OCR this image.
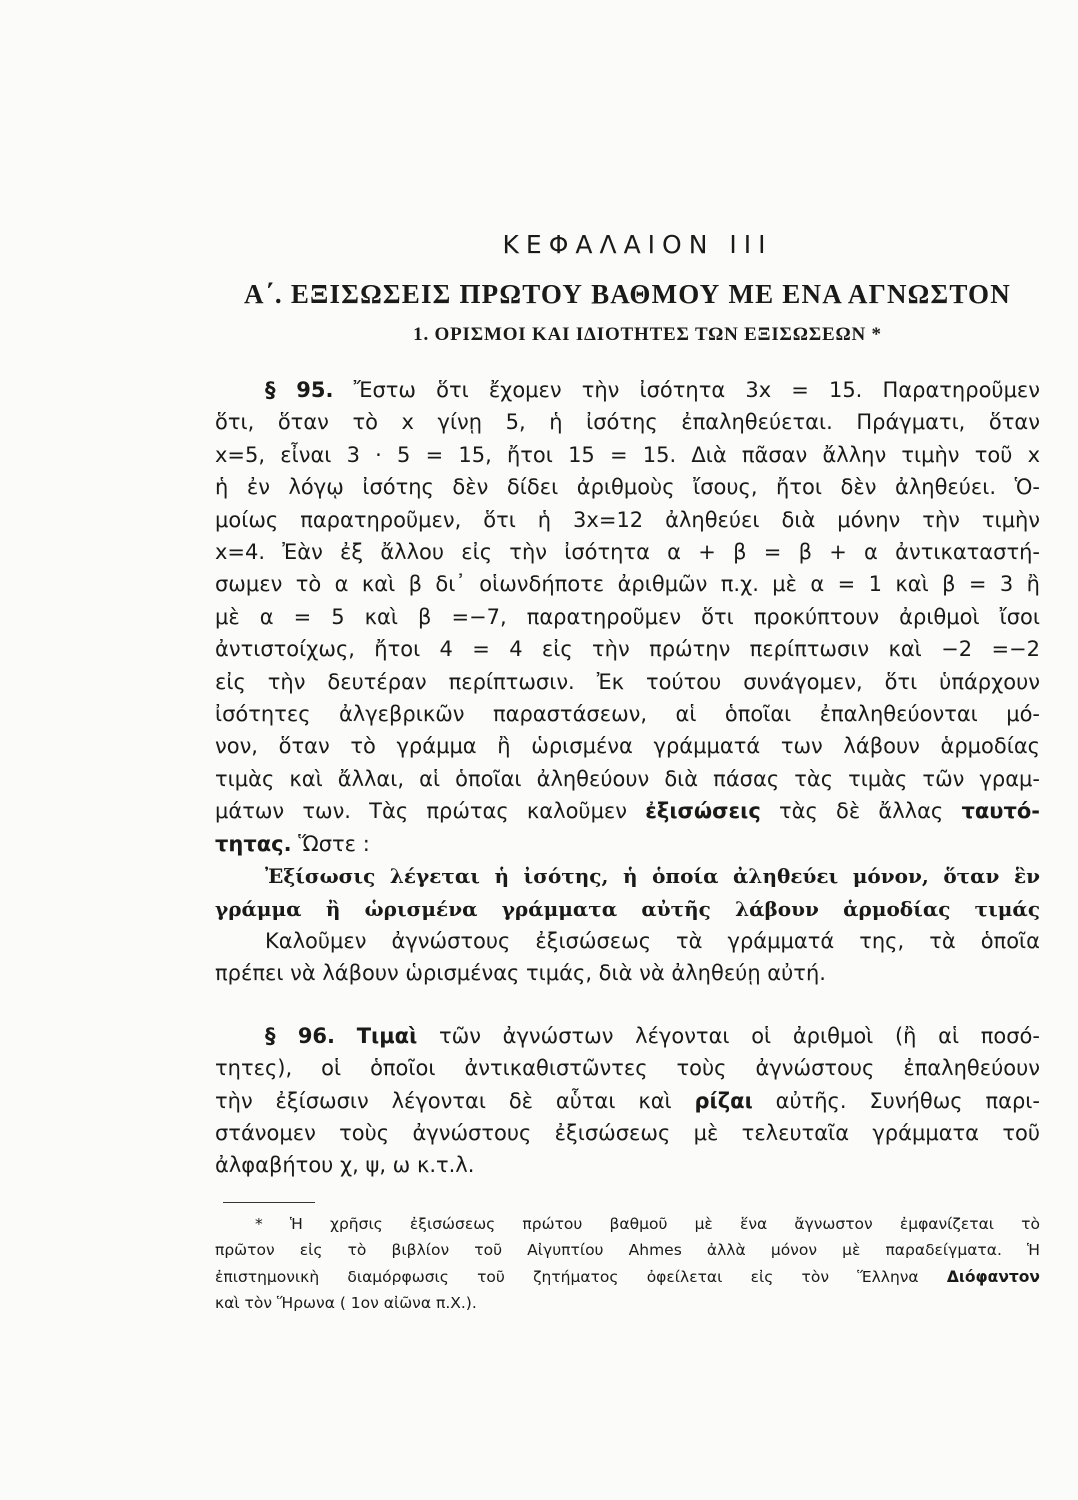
ΚΕΦΑΛΑΙΟΝ III
Α΄. ΕΞΙΣΩΣΕΙΣ ΠΡΩΤΟΥ ΒΑΘΜΟΥ ΜΕ ΕΝΑ ΑΓΝΩΣΤΟΝ
1. ΟΡΙΣΜΟΙ ΚΑΙ ΙΔΙΟΤΗΤΕΣ ΤΩΝ ΕΞΙΣΩΣΕΩΝ *
§ 95. Ἔστω ὅτι ἔχομεν τὴν ἰσότητα 3x = 15. Παρατηροῦμεν
ὅτι, ὅταν τὸ x γίνῃ 5, ἡ ἰσότης ἐπαληθεύεται. Πράγματι, ὅταν
x=5, εἶναι 3 · 5 = 15, ἤτοι 15 = 15. Διὰ πᾶσαν ἄλλην τιμὴν τοῦ x
ἡ ἐν λόγῳ ἰσότης δὲν δίδει ἀριθμοὺς ἴσους, ἤτοι δὲν ἀληθεύει. Ὁ-
μοίως παρατηροῦμεν, ὅτι ἡ 3x=12 ἀληθεύει διὰ μόνην τὴν τιμὴν
x=4. Ἐὰν ἐξ ἄλλου εἰς τὴν ἰσότητα α + β = β + α ἀντικαταστή-
σωμεν τὸ α καὶ β δι᾽ οἱωνδήποτε ἀριθμῶν π.χ. μὲ α = 1 καὶ β = 3 ἢ
μὲ α = 5 καὶ β =−7, παρατηροῦμεν ὅτι προκύπτουν ἀριθμοὶ ἴσοι
ἀντιστοίχως, ἤτοι 4 = 4 εἰς τὴν πρώτην περίπτωσιν καὶ −2 =−2
εἰς τὴν δευτέραν περίπτωσιν. Ἐκ τούτου συνάγομεν, ὅτι ὑπάρχουν
ἰσότητες ἀλγεβρικῶν παραστάσεων, αἱ ὁποῖαι ἐπαληθεύονται μό-
νον, ὅταν τὸ γράμμα ἢ ὡρισμένα γράμματά των λάβουν ἁρμοδίας
τιμὰς καὶ ἄλλαι, αἱ ὁποῖαι ἀληθεύουν διὰ πάσας τὰς τιμὰς τῶν γραμ-
μάτων των. Τὰς πρώτας καλοῦμεν ἐξισώσεις τὰς δὲ ἄλλας ταυτό-
τητας. Ὥστε :
Ἐξίσωσις λέγεται ἡ ἰσότης, ἡ ὁποία ἀληθεύει μόνον, ὅταν ἓν
γράμμα ἢ ὡρισμένα γράμματα αὐτῆς λάβουν ἁρμοδίας τιμάς
Καλοῦμεν ἀγνώστους ἐξισώσεως τὰ γράμματά της, τὰ ὁποῖα
πρέπει νὰ λάβουν ὡρισμένας τιμάς, διὰ νὰ ἀληθεύῃ αὐτή.
§ 96. Τιμαὶ τῶν ἀγνώστων λέγονται οἱ ἀριθμοὶ (ἢ αἱ ποσό-
τητες), οἱ ὁποῖοι ἀντικαθιστῶντες τοὺς ἀγνώστους ἐπαληθεύουν
τὴν ἐξίσωσιν λέγονται δὲ αὗται καὶ ρίζαι αὐτῆς. Συνήθως παρι-
στάνομεν τοὺς ἀγνώστους ἐξισώσεως μὲ τελευταῖα γράμματα τοῦ
ἀλφαβήτου χ, ψ, ω κ.τ.λ.
* Ἡ χρῆσις ἐξισώσεως πρώτου βαθμοῦ μὲ ἕνα ἄγνωστον ἐμφανίζεται τὸ
πρῶτον εἰς τὸ βιβλίον τοῦ Αἰγυπτίου Ahmes ἀλλὰ μόνον μὲ παραδείγματα. Ἡ
ἐπιστημονικὴ διαμόρφωσις τοῦ ζητήματος ὀφείλεται εἰς τὸν Ἕλληνα Διόφαντον
καὶ τὸν Ἥρωνα ( 1ον αἰῶνα π.Χ.).
